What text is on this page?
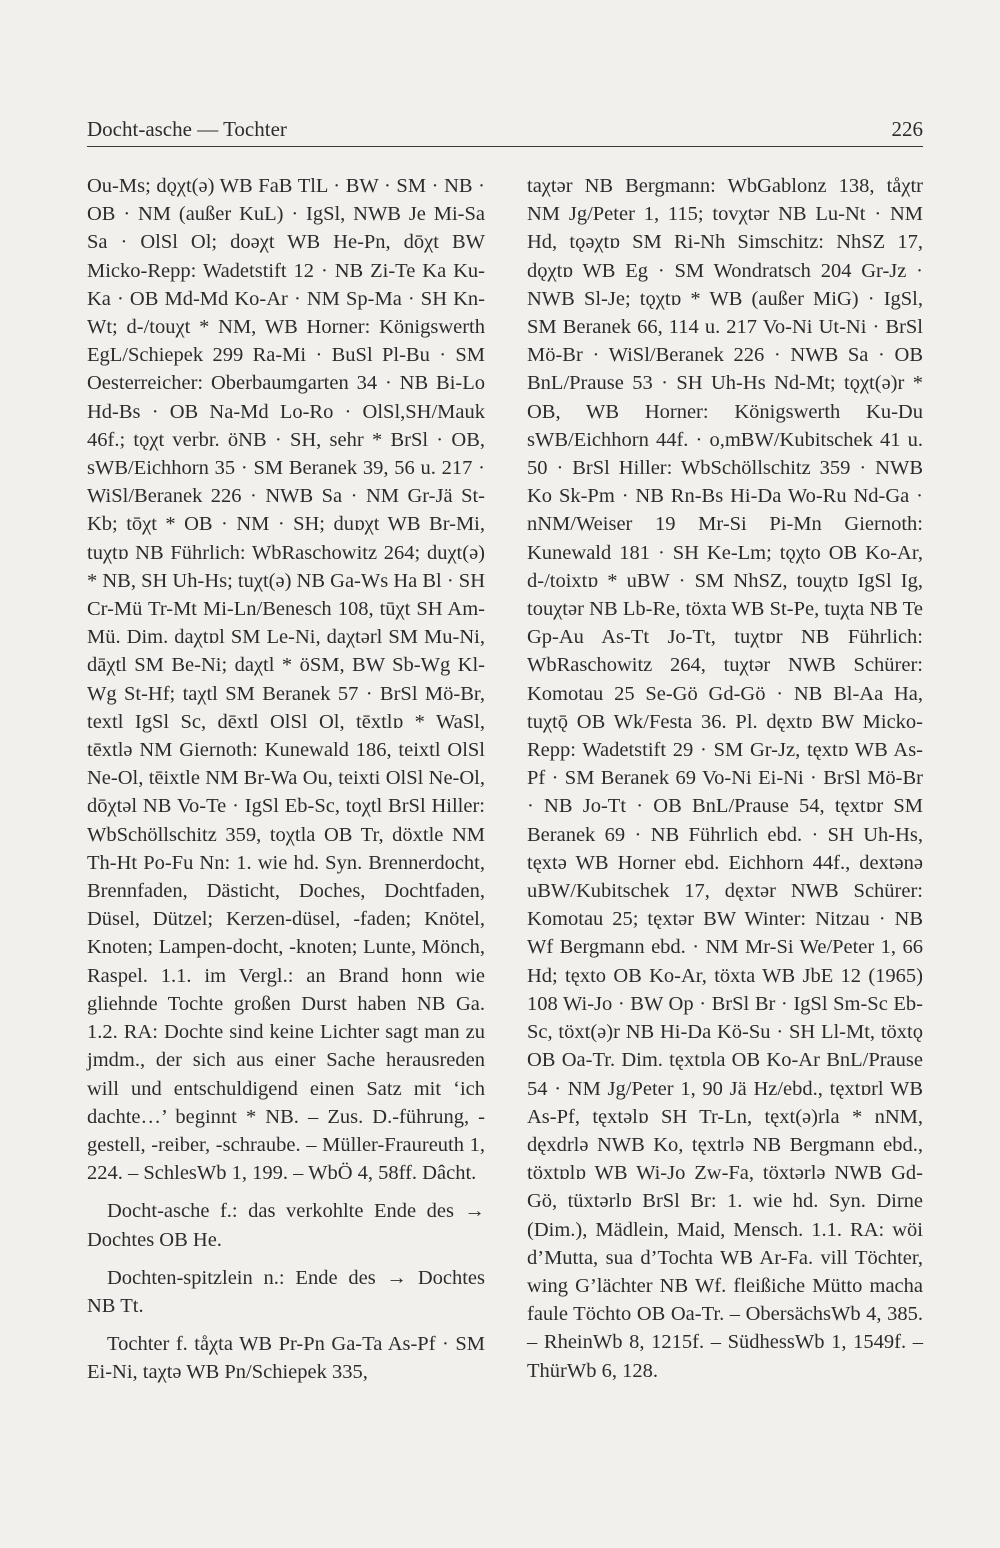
Docht-asche — Tochter	226

Ou-Ms; dǫχt(ə) WB FaB TlL · BW · SM · NB · OB · NM (außer KuL) · IgSl, NWB Je Mi-Sa Sa · OlSl Ol; doəχt WB He-Pn, dōχt BW Micko-Repp: Wadetstift 12 · NB Zi-Te Ka Ku-Ka · OB Md-Md Ko-Ar · NM Sp-Ma · SH Kn-Wt; d-/touχt * NM, WB Horner: Königswerth EgL/Schiepek 299 Ra-Mi · BuSl Pl-Bu · SM Oesterreicher: Oberbaumgarten 34 · NB Bi-Lo Hd-Bs · OB Na-Md Lo-Ro · OlSl,SH/Mauk 46f.; tǫχt verbr. öNB · SH, sehr * BrSl · OB, sWB/Eichhorn 35 · SM Beranek 39, 56 u. 217 · WiSl/Beranek 226 · NWB Sa · NM Gr-Jä St-Kb; tōχt * OB · NM · SH; duɒχt WB Br-Mi, tuχtɒ NB Führlich: WbRaschowitz 264; duχt(ə) * NB, SH Uh-Hs; tuχt(ə) NB Ga-Ws Ha Bl · SH Cr-Mü Tr-Mt Mi-Ln/Benesch 108, tūχt SH Am-Mü. Dim. daχtɒl SM Le-Ni, daχtərl SM Mu-Ni, dāχtl SM Be-Ni; daχtl * öSM, BW Sb-Wg Kl-Wg St-Hf; taχtl SM Beranek 57 · BrSl Mö-Br, textl IgSl Sc, dēxtl OlSl Ol, tēxtlɒ * WaSl, tēxtlə NM Giernoth: Kunewald 186, teixtl OlSl Ne-Ol, tēixtle NM Br-Wa Ou, teixti OlSl Ne-Ol, dōχtəl NB Vo-Te · IgSl Eb-Sc, toχtl BrSl Hiller: WbSchöllschitz 359, toχtla OB Tr, döxtle NM Th-Ht Po-Fu Nn: 1. wie hd. Syn. Brennerdocht, Brennfaden, Dästicht, Doches, Dochtfaden, Düsel, Dützel; Kerzen-düsel, -faden; Knötel, Knoten; Lampen-docht, -knoten; Lunte, Mönch, Raspel. 1.1. im Vergl.: an Brand honn wie gliehnde Tochte großen Durst haben NB Ga. 1.2. RA: Dochte sind keine Lichter sagt man zu jmdm., der sich aus einer Sache herausreden will und entschuldigend einen Satz mit ‘ich dachte…’ beginnt * NB. – Zus. D.-führung, -gestell, -reiber, -schraube. – Müller-Fraureuth 1, 224. – SchlesWb 1, 199. – WbÖ 4, 58ff. Dâcht.

Docht-asche f.: das verkohlte Ende des → Dochtes OB He.

Dochten-spitzlein n.: Ende des → Dochtes NB Tt.

Tochter f. tåχta WB Pr-Pn Ga-Ta As-Pf · SM Ei-Ni, taχtə WB Pn/Schiepek 335,

taχtər NB Bergmann: WbGablonz 138, tåχtr NM Jg/Peter 1, 115; tovχtər NB Lu-Nt · NM Hd, tǫəχtɒ SM Ri-Nh Simschitz: NhSZ 17, dǫχtɒ WB Eg · SM Wondratsch 204 Gr-Jz · NWB Sl-Je; tǫχtɒ * WB (außer MiG) · IgSl, SM Beranek 66, 114 u. 217 Vo-Ni Ut-Ni · BrSl Mö-Br · WiSl/Beranek 226 · NWB Sa · OB BnL/Prause 53 · SH Uh-Hs Nd-Mt; tǫχt(ə)r * OB, WB Horner: Königswerth Ku-Du sWB/Eichhorn 44f. · o,mBW/Kubitschek 41 u. 50 · BrSl Hiller: WbSchöllschitz 359 · NWB Ko Sk-Pm · NB Rn-Bs Hi-Da Wo-Ru Nd-Ga · nNM/Weiser 19 Mr-Si Pi-Mn Giernoth: Kunewald 181 · SH Ke-Lm; tǫχto OB Ko-Ar, d-/toixtɒ * uBW · SM NhSZ, touχtɒ IgSl Ig, touχtər NB Lb-Re, töxta WB St-Pe, tuχta NB Te Gp-Au As-Tt Jo-Tt, tuχtɒr NB Führlich: WbRaschowitz 264, tuχtər NWB Schürer: Komotau 25 Se-Gö Gd-Gö · NB Bl-Aa Ha, tuχtǭ OB Wk/Festa 36. Pl. dęxtɒ BW Micko-Repp: Wadetstift 29 · SM Gr-Jz, tęxtɒ WB As-Pf · SM Beranek 69 Vo-Ni Ei-Ni · BrSl Mö-Br · NB Jo-Tt · OB BnL/Prause 54, tęxtɒr SM Beranek 69 · NB Führlich ebd. · SH Uh-Hs, tęxtə WB Horner ebd. Eichhorn 44f., dextənə uBW/Kubitschek 17, dęxtər NWB Schürer: Komotau 25; tęxtər BW Winter: Nitzau · NB Wf Bergmann ebd. · NM Mr-Si We/Peter 1, 66 Hd; tęxto OB Ko-Ar, töxta WB JbE 12 (1965) 108 Wi-Jo · BW Op · BrSl Br · IgSl Sm-Sc Eb-Sc, töxt(ə)r NB Hi-Da Kö-Su · SH Ll-Mt, töxtǫ OB Oa-Tr. Dim. tęxtɒla OB Ko-Ar BnL/Prause 54 · NM Jg/Peter 1, 90 Jä Hz/ebd., tęxtɒrl WB As-Pf, tęxtəlɒ SH Tr-Ln, tęxt(ə)rla * nNM, dęxdrlə NWB Ko, tęxtrlə NB Bergmann ebd., töxtɒlɒ WB Wi-Jo Zw-Fa, töxtərlə NWB Gd-Gö, tüxtərlɒ BrSl Br: 1. wie hd. Syn. Dirne (Dim.), Mädlein, Maid, Mensch. 1.1. RA: wöi d’Mutta, sua d’Tochta WB Ar-Fa. vill Töchter, wing G’lächter NB Wf. fleißiche Mütto macha faule Töchto OB Oa-Tr. – ObersächsWb 4, 385. – RheinWb 8, 1215f. – SüdhessWb 1, 1549f. – ThürWb 6, 128.
